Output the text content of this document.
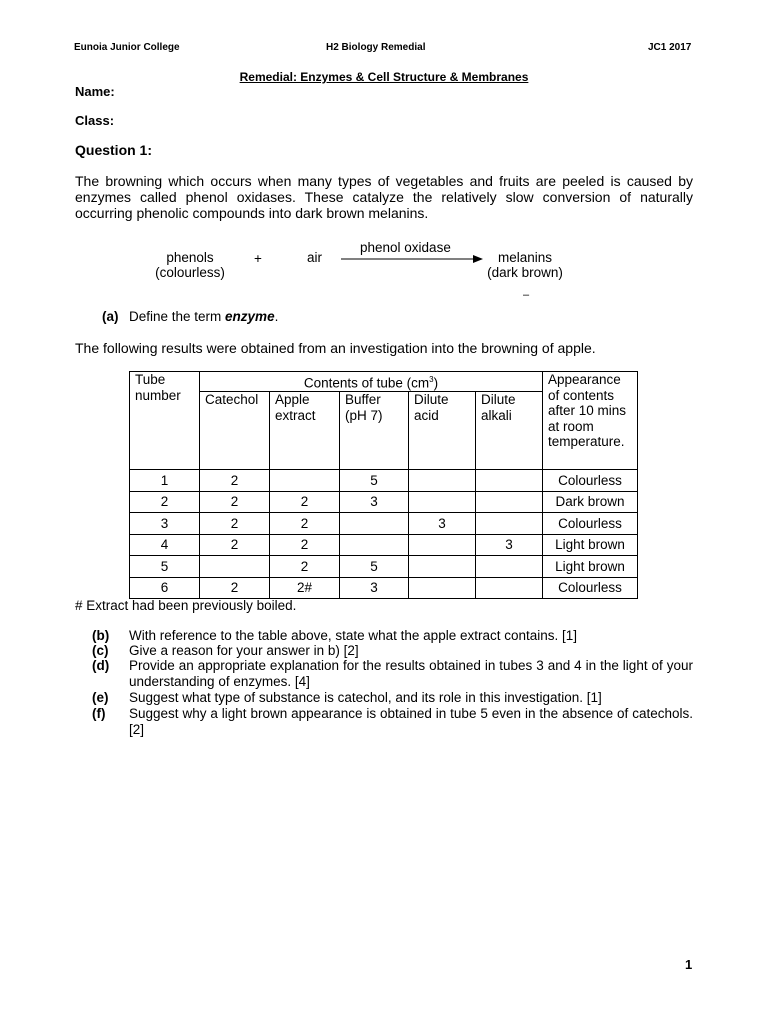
Eunoia Junior College	H2 Biology Remedial	JC1 2017
Remedial: Enzymes & Cell Structure & Membranes
Name:
Class:
Question 1:
The browning which occurs when many types of vegetables and fruits are peeled is caused by enzymes called phenol oxidases. These catalyze the relatively slow conversion of naturally occurring phenolic compounds into dark brown melanins.
phenols
(colourless)
+	air
phenol oxidase
melanins
(dark brown)
–
(a) Define the term enzyme.
The following results were obtained from an investigation into the browning of apple.
Tube number	Contents of tube $(cm^3)$					Appearance of contents after 10 mins at room temperature.
	Catechol	Apple extract	Buffer (pH 7)	Dilute acid	Dilute alkali	
1	2		5			Colourless
2	2	2	3			Dark brown
3	2	2		3		Colourless
4	2	2			3	Light brown
5		2	5			Light brown
6	2	2#	3			Colourless
# Extract had been previously boiled.
(b) With reference to the table above, state what the apple extract contains. [1]
(c) Give a reason for your answer in b) [2]
(d) Provide an appropriate explanation for the results obtained in tubes 3 and 4 in the light of your understanding of enzymes. [4]
(e) Suggest what type of substance is catechol, and its role in this investigation. [1]
(f) Suggest why a light brown appearance is obtained in tube 5 even in the absence of catechols. [2]
1
